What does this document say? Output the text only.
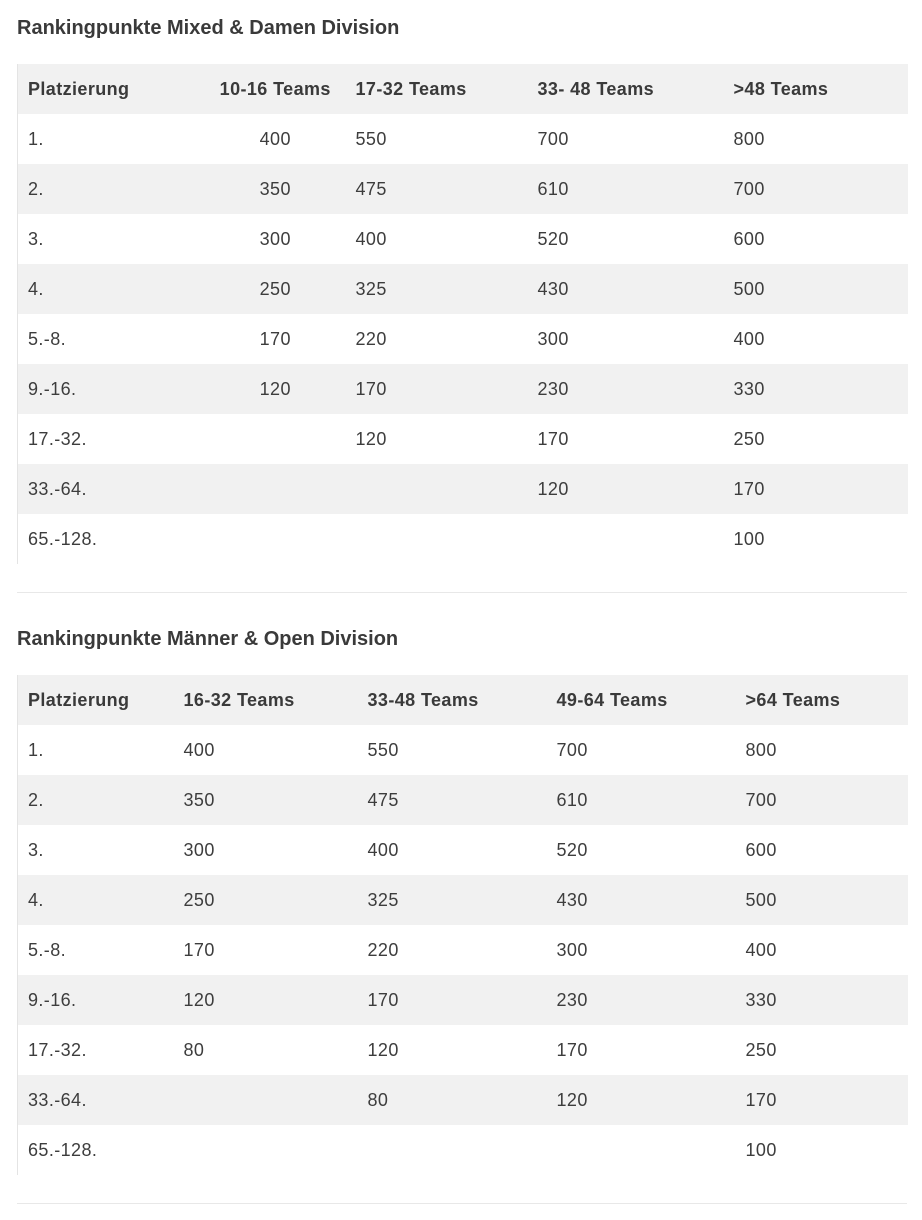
Rankingpunkte Mixed & Damen Division
Platzierung	10-16 Teams	17-32 Teams	33- 48 Teams	>48 Teams
1.	400	550	700	800
2.	350	475	610	700
3.	300	400	520	600
4.	250	325	430	500
5.-8.	170	220	300	400
9.-16.	120	170	230	330
17.-32.		120	170	250
33.-64.			120	170
65.-128.				100
Rankingpunkte Männer & Open Division
Platzierung	16-32 Teams	33-48 Teams	49-64 Teams	>64 Teams
1.	400	550	700	800
2.	350	475	610	700
3.	300	400	520	600
4.	250	325	430	500
5.-8.	170	220	300	400
9.-16.	120	170	230	330
17.-32.	80	120	170	250
33.-64.		80	120	170
65.-128.				100
